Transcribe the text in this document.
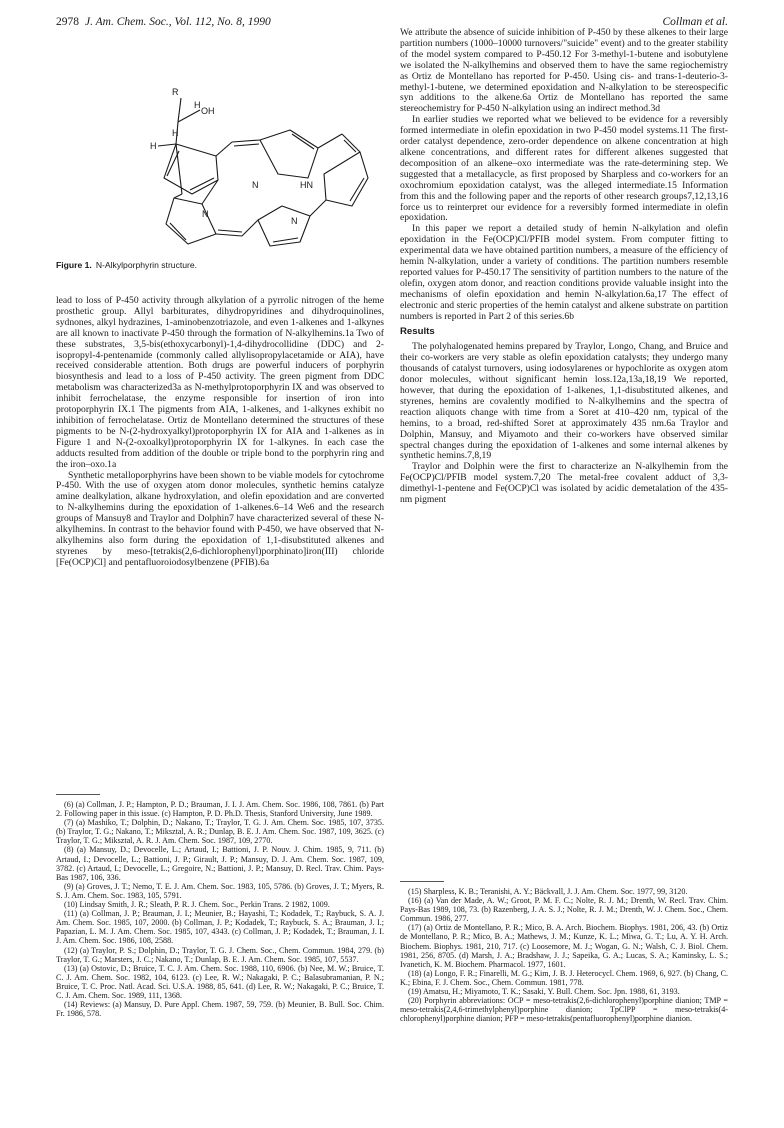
2978 J. Am. Chem. Soc., Vol. 112, No. 8, 1990	Collman et al.
R
H
OH
H
H
N	HN
N
N
Figure 1. N-Alkylporphyrin structure.

lead to loss of P-450 activity through alkylation of a pyrrolic nitrogen of the heme prosthetic group. Allyl barbiturates, dihydropyridines and dihydroquinolines, sydnones, alkyl hydrazines, 1-aminobenzotriazole, and even 1-alkenes and 1-alkynes are all known to inactivate P-450 through the formation of N-alkylhemins.1a Two of these substrates, 3,5-bis(ethoxycarbonyl)-1,4-dihydrocollidine (DDC) and 2-isopropyl-4-pentenamide (commonly called allylisopropylacetamide or AIA), have received considerable attention. Both drugs are powerful inducers of porphyrin biosynthesis and lead to a loss of P-450 activity. The green pigment from DDC metabolism was characterized3a as N-methylprotoporphyrin IX and was observed to inhibit ferrochelatase, the enzyme responsible for insertion of iron into protoporphyrin IX.1 The pigments from AIA, 1-alkenes, and 1-alkynes exhibit no inhibition of ferrochelatase. Ortiz de Montellano determined the structures of these pigments to be N-(2-hydroxyalkyl)protoporphyrin IX for AIA and 1-alkenes as in Figure 1 and N-(2-oxoalkyl)protoporphyrin IX for 1-alkynes. In each case the adducts resulted from addition of the double or triple bond to the porphyrin ring and the iron–oxo.1a

Synthetic metalloporphyrins have been shown to be viable models for cytochrome P-450. With the use of oxygen atom donor molecules, synthetic hemins catalyze amine dealkylation, alkane hydroxylation, and olefin epoxidation and are converted to N-alkylhemins during the epoxidation of 1-alkenes.6–14 We6 and the research groups of Mansuy8 and Traylor and Dolphin7 have characterized several of these N-alkylhemins. In contrast to the behavior found with P-450, we have observed that N-alkylhemins also form during the epoxidation of 1,1-disubstituted alkenes and styrenes by meso-[tetrakis(2,6-dichlorophenyl)porphinato]iron(III) chloride [Fe(OCP)Cl] and pentafluoroiodosylbenzene (PFIB).6a

(6) (a) Collman, J. P.; Hampton, P. D.; Brauman, J. I. J. Am. Chem. Soc. 1986, 108, 7861. (b) Part 2. Following paper in this issue. (c) Hampton, P. D. Ph.D. Thesis, Stanford University, June 1989.
(7) (a) Mashiko, T.; Dolphin, D.; Nakano, T.; Traylor, T. G. J. Am. Chem. Soc. 1985, 107, 3735. (b) Traylor, T. G.; Nakano, T.; Miksztal, A. R.; Dunlap, B. E. J. Am. Chem. Soc. 1987, 109, 3625. (c) Traylor, T. G.; Miksztal, A. R. J. Am. Chem. Soc. 1987, 109, 2770.
(8) (a) Mansuy, D.; Devocelle, L.; Artaud, I.; Battioni, J. P. Nouv. J. Chim. 1985, 9, 711. (b) Artaud, I.; Devocelle, L.; Battioni, J. P.; Girault, J. P.; Mansuy, D. J. Am. Chem. Soc. 1987, 109, 3782. (c) Artaud, I.; Devocelle, L.; Gregoire, N.; Battioni, J. P.; Mansuy, D. Recl. Trav. Chim. Pays-Bas 1987, 106, 336.
(9) (a) Groves, J. T.; Nemo, T. E. J. Am. Chem. Soc. 1983, 105, 5786. (b) Groves, J. T.; Myers, R. S. J. Am. Chem. Soc. 1983, 105, 5791.
(10) Lindsay Smith, J. R.; Sleath, P. R. J. Chem. Soc., Perkin Trans. 2 1982, 1009.
(11) (a) Collman, J. P.; Brauman, J. I.; Meunier, B.; Hayashi, T.; Kodadek, T.; Raybuck, S. A. J. Am. Chem. Soc. 1985, 107, 2000. (b) Collman, J. P.; Kodadek, T.; Raybuck, S. A.; Brauman, J. I.; Papazian, L. M. J. Am. Chem. Soc. 1985, 107, 4343. (c) Collman, J. P.; Kodadek, T.; Brauman, J. I. J. Am. Chem. Soc. 1986, 108, 2588.
(12) (a) Traylor, P. S.; Dolphin, D.; Traylor, T. G. J. Chem. Soc., Chem. Commun. 1984, 279. (b) Traylor, T. G.; Marsters, J. C.; Nakano, T.; Dunlap, B. E. J. Am. Chem. Soc. 1985, 107, 5537.
(13) (a) Ostovic, D.; Bruice, T. C. J. Am. Chem. Soc. 1988, 110, 6906. (b) Nee, M. W.; Bruice, T. C. J. Am. Chem. Soc. 1982, 104, 6123. (c) Lee, R. W.; Nakagaki, P. C.; Balasubramanian, P. N.; Bruice, T. C. Proc. Natl. Acad. Sci. U.S.A. 1988, 85, 641. (d) Lee, R. W.; Nakagaki, P. C.; Bruice, T. C. J. Am. Chem. Soc. 1989, 111, 1368.
(14) Reviews: (a) Mansuy, D. Pure Appl. Chem. 1987, 59, 759. (b) Meunier, B. Bull. Soc. Chim. Fr. 1986, 578.

We attribute the absence of suicide inhibition of P-450 by these alkenes to their large partition numbers (1000–10000 turnovers/"suicide" event) and to the greater stability of the model system compared to P-450.12 For 3-methyl-1-butene and isobutylene we isolated the N-alkylhemins and observed them to have the same regiochemistry as Ortiz de Montellano has reported for P-450. Using cis- and trans-1-deuterio-3-methyl-1-butene, we determined epoxidation and N-alkylation to be stereospecific syn additions to the alkene.6a Ortiz de Montellano has reported the same stereochemistry for P-450 N-alkylation using an indirect method.3d

In earlier studies we reported what we believed to be evidence for a reversibly formed intermediate in olefin epoxidation in two P-450 model systems.11 The first-order catalyst dependence, zero-order dependence on alkene concentration at high alkene concentrations, and different rates for different alkenes suggested that decomposition of an alkene–oxo intermediate was the rate-determining step. We suggested that a metallacycle, as first proposed by Sharpless and co-workers for an oxochromium epoxidation catalyst, was the alleged intermediate.15 Information from this and the following paper and the reports of other research groups7,12,13,16 force us to reinterpret our evidence for a reversibly formed intermediate in olefin epoxidation.

In this paper we report a detailed study of hemin N-alkylation and olefin epoxidation in the Fe(OCP)Cl/PFIB model system. From computer fitting to experimental data we have obtained partition numbers, a measure of the efficiency of hemin N-alkylation, under a variety of conditions. The partition numbers resemble reported values for P-450.17 The sensitivity of partition numbers to the nature of the olefin, oxygen atom donor, and reaction conditions provide valuable insight into the mechanisms of olefin epoxidation and hemin N-alkylation.6a,17 The effect of electronic and steric properties of the hemin catalyst and alkene substrate on partition numbers is reported in Part 2 of this series.6b

Results

The polyhalogenated hemins prepared by Traylor, Longo, Chang, and Bruice and their co-workers are very stable as olefin epoxidation catalysts; they undergo many thousands of catalyst turnovers, using iodosylarenes or hypochlorite as oxygen atom donor molecules, without significant hemin loss.12a,13a,18,19 We reported, however, that during the epoxidation of 1-alkenes, 1,1-disubstituted alkenes, and styrenes, hemins are covalently modified to N-alkylhemins and the spectra of reaction aliquots change with time from a Soret at 410–420 nm, typical of the hemins, to a broad, red-shifted Soret at approximately 435 nm.6a Traylor and Dolphin, Mansuy, and Miyamoto and their co-workers have observed similar spectral changes during the epoxidation of 1-alkenes and some internal alkenes by synthetic hemins.7,8,19

Traylor and Dolphin were the first to characterize an N-alkylhemin from the Fe(OCP)Cl/PFIB model system.7,20 The metal-free covalent adduct of 3,3-dimethyl-1-pentene and Fe(OCP)Cl was isolated by acidic demetalation of the 435-nm pigment

(15) Sharpless, K. B.; Teranishi, A. Y.; Bäckvall, J. J. Am. Chem. Soc. 1977, 99, 3120.
(16) (a) Van der Made, A. W.; Groot, P. M. F. C.; Nolte, R. J. M.; Drenth, W. Recl. Trav. Chim. Pays-Bas 1989, 108, 73. (b) Razenberg, J. A. S. J.; Nolte, R. J. M.; Drenth, W. J. Chem. Soc., Chem. Commun. 1986, 277.
(17) (a) Ortiz de Montellano, P. R.; Mico, B. A. Arch. Biochem. Biophys. 1981, 206, 43. (b) Ortiz de Montellano, P. R.; Mico, B. A.; Mathews, J. M.; Kunze, K. L.; Miwa, G. T.; Lu, A. Y. H. Arch. Biochem. Biophys. 1981, 210, 717. (c) Loosemore, M. J.; Wogan, G. N.; Walsh, C. J. Biol. Chem. 1981, 256, 8705. (d) Marsh, J. A.; Bradshaw, J. J.; Sapeika, G. A.; Lucas, S. A.; Kaminsky, L. S.; Ivanetich, K. M. Biochem. Pharmacol. 1977, 1601.
(18) (a) Longo, F. R.; Finarelli, M. G.; Kim, J. B. J. Heterocycl. Chem. 1969, 6, 927. (b) Chang, C. K.; Ebina, F. J. Chem. Soc., Chem. Commun. 1981, 778.
(19) Amatsu, H.; Miyamoto, T. K.; Sasaki, Y. Bull. Chem. Soc. Jpn. 1988, 61, 3193.
(20) Porphyrin abbreviations: OCP = meso-tetrakis(2,6-dichlorophenyl)porphine dianion; TMP = meso-tetrakis(2,4,6-trimethylphenyl)porphine dianion; TpClPP = meso-tetrakis(4-chlorophenyl)porphine dianion; PFP = meso-tetrakis(pentafluorophenyl)porphine dianion.
